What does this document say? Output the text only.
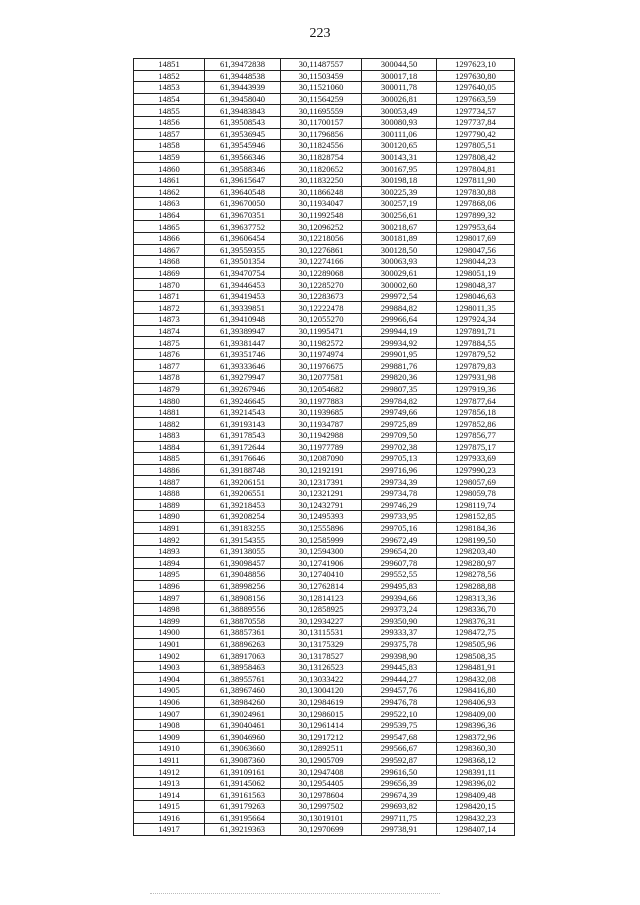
223
14851	61,39472838	30,11487557	300044,50	1297623,10
14852	61,39448538	30,11503459	300017,18	1297630,80
14853	61,39443939	30,11521060	300011,78	1297640,05
14854	61,39458040	30,11564259	300026,81	1297663,59
14855	61,39483843	30,11695559	300053,49	1297734,57
14856	61,39508543	30,11700157	300080,93	1297737,84
14857	61,39536945	30,11796856	300111,06	1297790,42
14858	61,39545946	30,11824556	300120,65	1297805,51
14859	61,39566346	30,11828754	300143,31	1297808,42
14860	61,39588346	30,11820652	300167,95	1297804,81
14861	61,39615647	30,11832250	300198,18	1297811,90
14862	61,39640548	30,11866248	300225,39	1297830,88
14863	61,39670050	30,11934047	300257,19	1297868,06
14864	61,39670351	30,11992548	300256,61	1297899,32
14865	61,39637752	30,12096252	300218,67	1297953,64
14866	61,39606454	30,12218056	300181,89	1298017,69
14867	61,39559355	30,12276861	300128,50	1298047,56
14868	61,39501354	30,12274166	300063,93	1298044,23
14869	61,39470754	30,12289068	300029,61	1298051,19
14870	61,39446453	30,12285270	300002,60	1298048,37
14871	61,39419453	30,12283673	299972,54	1298046,63
14872	61,39339851	30,12222478	299884,82	1298011,35
14873	61,39410948	30,12055270	299966,64	1297924,34
14874	61,39389947	30,11995471	299944,19	1297891,71
14875	61,39381447	30,11982572	299934,92	1297884,55
14876	61,39351746	30,11974974	299901,95	1297879,52
14877	61,39333646	30,11976675	299881,76	1297879,83
14878	61,39279947	30,12077581	299820,36	1297931,98
14879	61,39267946	30,12054682	299807,35	1297919,36
14880	61,39246645	30,11977883	299784,82	1297877,64
14881	61,39214543	30,11939685	299749,66	1297856,18
14882	61,39193143	30,11934787	299725,89	1297852,86
14883	61,39178543	30,11942988	299709,50	1297856,77
14884	61,39172644	30,11977789	299702,38	1297875,17
14885	61,39176646	30,12087090	299705,13	1297933,69
14886	61,39188748	30,12192191	299716,96	1297990,23
14887	61,39206151	30,12317391	299734,39	1298057,69
14888	61,39206551	30,12321291	299734,78	1298059,78
14889	61,39218453	30,12432791	299746,29	1298119,74
14890	61,39208254	30,12495393	299733,95	1298152,85
14891	61,39183255	30,12555896	299705,16	1298184,36
14892	61,39154355	30,12585999	299672,49	1298199,50
14893	61,39138055	30,12594300	299654,20	1298203,40
14894	61,39098457	30,12741906	299607,78	1298280,97
14895	61,39048856	30,12740410	299552,55	1298278,56
14896	61,38998256	30,12762814	299495,83	1298288,88
14897	61,38908156	30,12814123	299394,66	1298313,36
14898	61,38889556	30,12858925	299373,24	1298336,70
14899	61,38870558	30,12934227	299350,90	1298376,31
14900	61,38857361	30,13115531	299333,37	1298472,75
14901	61,38896263	30,13175329	299375,78	1298505,96
14902	61,38917063	30,13178527	299398,90	1298508,35
14903	61,38958463	30,13126523	299445,83	1298481,91
14904	61,38955761	30,13033422	299444,27	1298432,08
14905	61,38967460	30,13004120	299457,76	1298416,80
14906	61,38984260	30,12984619	299476,78	1298406,93
14907	61,39024961	30,12986015	299522,10	1298409,00
14908	61,39040461	30,12961414	299539,75	1298396,36
14909	61,39046960	30,12917212	299547,68	1298372,96
14910	61,39063660	30,12892511	299566,67	1298360,30
14911	61,39087360	30,12905709	299592,87	1298368,12
14912	61,39109161	30,12947408	299616,50	1298391,11
14913	61,39145062	30,12954405	299656,39	1298396,02
14914	61,39161563	30,12978604	299674,39	1298409,48
14915	61,39179263	30,12997502	299693,82	1298420,15
14916	61,39195664	30,13019101	299711,75	1298432,23
14917	61,39219363	30,12970699	299738,91	1298407,14
